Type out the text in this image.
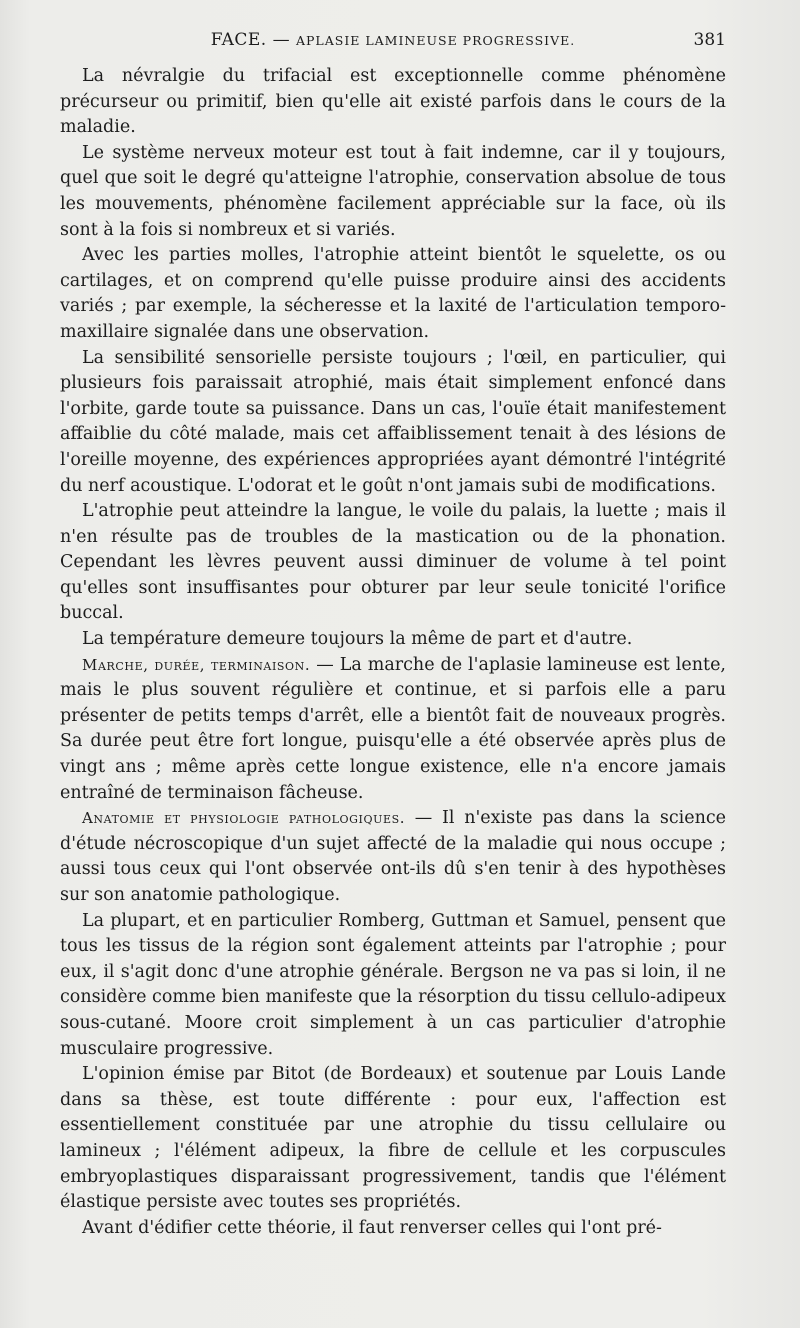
FACE. — APLASIE LAMINEUSE PROGRESSIVE.	381

La névralgie du trifacial est exceptionnelle comme phénomène précurseur ou primitif, bien qu'elle ait existé parfois dans le cours de la maladie.

Le système nerveux moteur est tout à fait indemne, car il y toujours, quel que soit le degré qu'atteigne l'atrophie, conservation absolue de tous les mouvements, phénomène facilement appréciable sur la face, où ils sont à la fois si nombreux et si variés.

Avec les parties molles, l'atrophie atteint bientôt le squelette, os ou cartilages, et on comprend qu'elle puisse produire ainsi des accidents variés ; par exemple, la sécheresse et la laxité de l'articulation temporo-maxillaire signalée dans une observation.

La sensibilité sensorielle persiste toujours ; l'œil, en particulier, qui plusieurs fois paraissait atrophié, mais était simplement enfoncé dans l'orbite, garde toute sa puissance. Dans un cas, l'ouïe était manifestement affaiblie du côté malade, mais cet affaiblissement tenait à des lésions de l'oreille moyenne, des expériences appropriées ayant démontré l'intégrité du nerf acoustique. L'odorat et le goût n'ont jamais subi de modifications.

L'atrophie peut atteindre la langue, le voile du palais, la luette ; mais il n'en résulte pas de troubles de la mastication ou de la phonation. Cependant les lèvres peuvent aussi diminuer de volume à tel point qu'elles sont insuffisantes pour obturer par leur seule tonicité l'orifice buccal.

La température demeure toujours la même de part et d'autre.

Marche, durée, terminaison. — La marche de l'aplasie lamineuse est lente, mais le plus souvent régulière et continue, et si parfois elle a paru présenter de petits temps d'arrêt, elle a bientôt fait de nouveaux progrès. Sa durée peut être fort longue, puisqu'elle a été observée après plus de vingt ans ; même après cette longue existence, elle n'a encore jamais entraîné de terminaison fâcheuse.

Anatomie et physiologie pathologiques. — Il n'existe pas dans la science d'étude nécroscopique d'un sujet affecté de la maladie qui nous occupe ; aussi tous ceux qui l'ont observée ont-ils dû s'en tenir à des hypothèses sur son anatomie pathologique.

La plupart, et en particulier Romberg, Guttman et Samuel, pensent que tous les tissus de la région sont également atteints par l'atrophie ; pour eux, il s'agit donc d'une atrophie générale. Bergson ne va pas si loin, il ne considère comme bien manifeste que la résorption du tissu cellulo-adipeux sous-cutané. Moore croit simplement à un cas particulier d'atrophie musculaire progressive.

L'opinion émise par Bitot (de Bordeaux) et soutenue par Louis Lande dans sa thèse, est toute différente : pour eux, l'affection est essentiellement constituée par une atrophie du tissu cellulaire ou lamineux ; l'élément adipeux, la fibre de cellule et les corpuscules embryoplastiques disparaissant progressivement, tandis que l'élément élastique persiste avec toutes ses propriétés.

Avant d'édifier cette théorie, il faut renverser celles qui l'ont pré-
